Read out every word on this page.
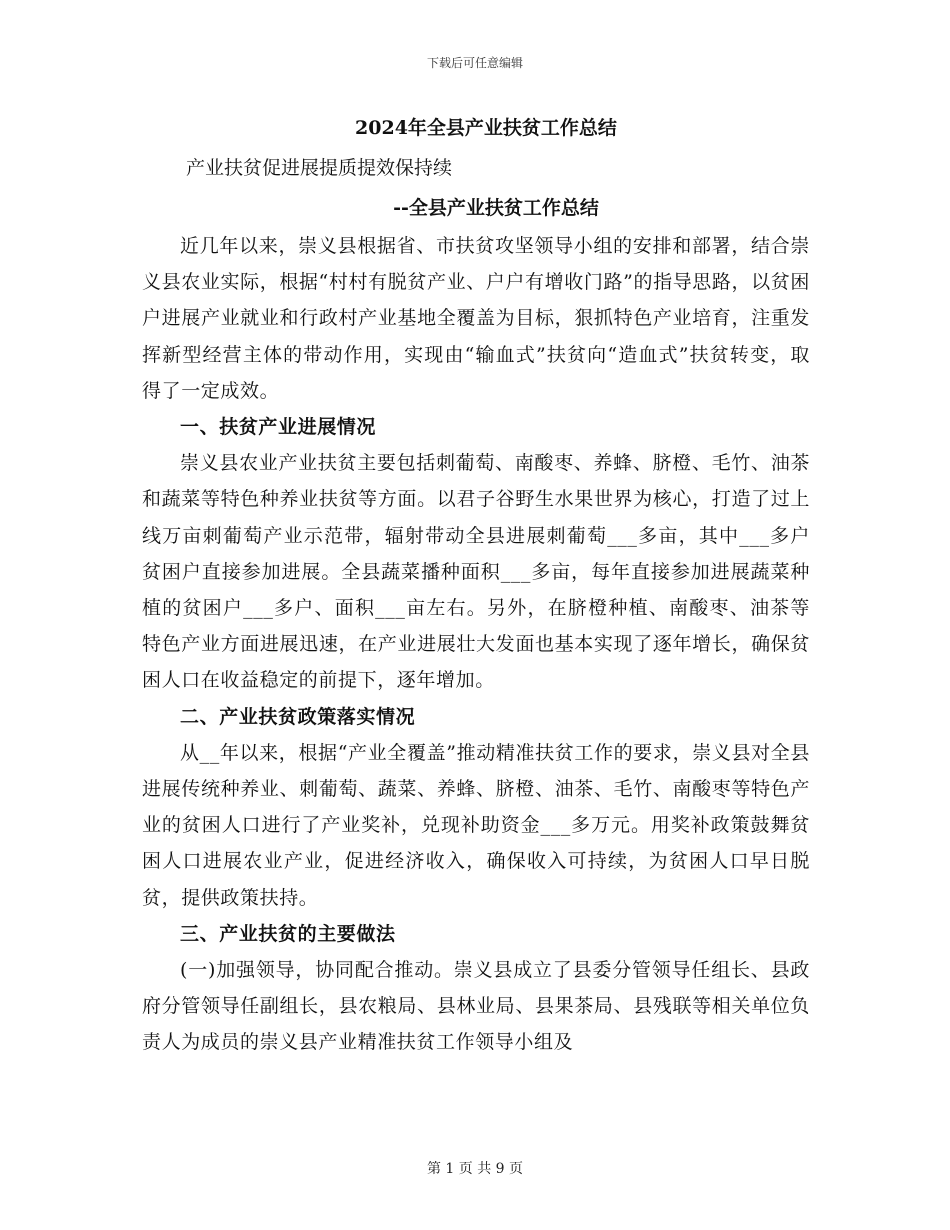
下载后可任意编辑
2024年全县产业扶贫工作总结
产业扶贫促进展提质提效保持续
--全县产业扶贫工作总结

近几年以来，崇义县根据省、市扶贫攻坚领导小组的安排和部署，结合崇义县农业实际，根据“村村有脱贫产业、户户有增收门路”的指导思路，以贫困户进展产业就业和行政村产业基地全覆盖为目标，狠抓特色产业培育，注重发挥新型经营主体的带动作用，实现由“输血式”扶贫向“造血式”扶贫转变，取得了一定成效。

一、扶贫产业进展情况

崇义县农业产业扶贫主要包括刺葡萄、南酸枣、养蜂、脐橙、毛竹、油茶和蔬菜等特色种养业扶贫等方面。以君子谷野生水果世界为核心，打造了过上线万亩刺葡萄产业示范带，辐射带动全县进展刺葡萄___多亩，其中___多户贫困户直接参加进展。全县蔬菜播种面积___多亩，每年直接参加进展蔬菜种植的贫困户___多户、面积___亩左右。另外，在脐橙种植、南酸枣、油茶等特色产业方面进展迅速，在产业进展壮大发面也基本实现了逐年增长，确保贫困人口在收益稳定的前提下，逐年增加。

二、产业扶贫政策落实情况

从__年以来，根据“产业全覆盖”推动精准扶贫工作的要求，崇义县对全县进展传统种养业、刺葡萄、蔬菜、养蜂、脐橙、油茶、毛竹、南酸枣等特色产业的贫困人口进行了产业奖补，兑现补助资金___多万元。用奖补政策鼓舞贫困人口进展农业产业，促进经济收入，确保收入可持续，为贫困人口早日脱贫，提供政策扶持。

三、产业扶贫的主要做法

(一)加强领导，协同配合推动。崇义县成立了县委分管领导任组长、县政府分管领导任副组长，县农粮局、县林业局、县果茶局、县残联等相关单位负责人为成员的崇义县产业精准扶贫工作领导小组及

第 1 页 共 9 页
